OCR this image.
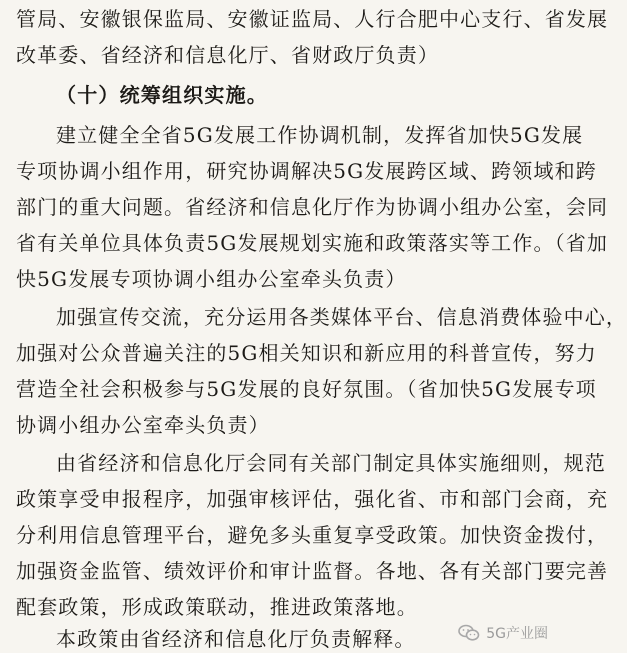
管局、安徽银保监局、安徽证监局、人行合肥中心支行、省发展
改革委、省经济和信息化厅、省财政厅负责）
（十）统筹组织实施。
建立健全全省5G发展工作协调机制，发挥省加快5G发展
专项协调小组作用，研究协调解决5G发展跨区域、跨领域和跨
部门的重大问题。省经济和信息化厅作为协调小组办公室，会同
省有关单位具体负责5G发展规划实施和政策落实等工作。（省加
快5G发展专项协调小组办公室牵头负责）
加强宣传交流，充分运用各类媒体平台、信息消费体验中心，
加强对公众普遍关注的5G相关知识和新应用的科普宣传，努力
营造全社会积极参与5G发展的良好氛围。（省加快5G发展专项
协调小组办公室牵头负责）
由省经济和信息化厅会同有关部门制定具体实施细则，规范
政策享受申报程序，加强审核评估，强化省、市和部门会商，充
分利用信息管理平台，避免多头重复享受政策。加快资金拨付，
加强资金监管、绩效评价和审计监督。各地、各有关部门要完善
配套政策，形成政策联动，推进政策落地。
本政策由省经济和信息化厅负责解释。	5G产业圈
